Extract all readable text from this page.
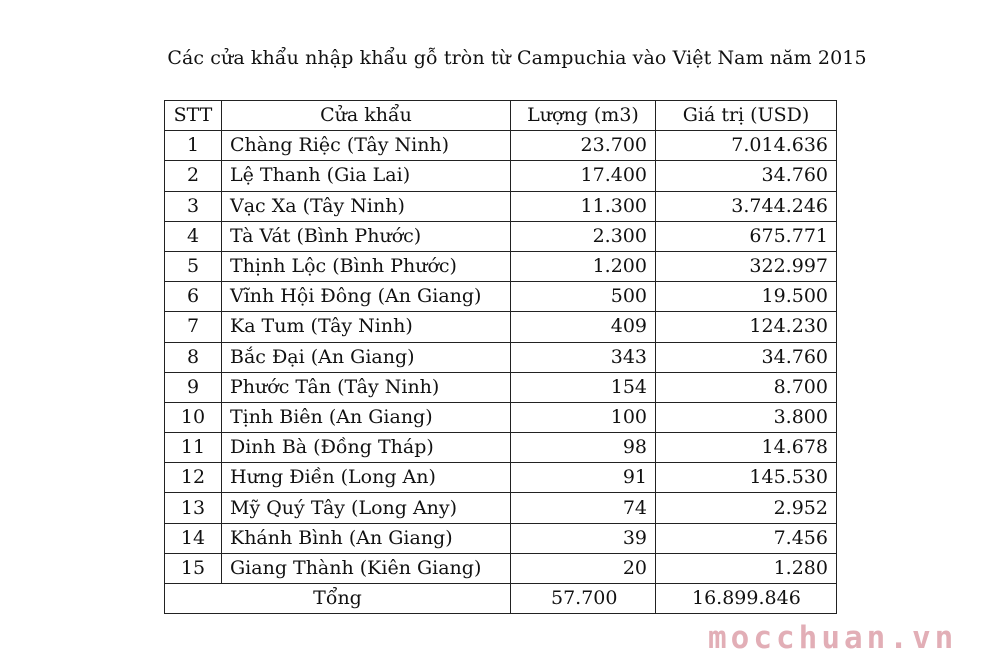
Các cửa khẩu nhập khẩu gỗ tròn từ Campuchia vào Việt Nam năm 2015
STT	Cửa khẩu	Lượng (m3)	Giá trị (USD)
1	Chàng Riệc (Tây Ninh)	23.700	7.014.636
2	Lệ Thanh (Gia Lai)	17.400	34.760
3	Vạc Xa (Tây Ninh)	11.300	3.744.246
4	Tà Vát (Bình Phước)	2.300	675.771
5	Thịnh Lộc (Bình Phước)	1.200	322.997
6	Vĩnh Hội Đông (An Giang)	500	19.500
7	Ka Tum (Tây Ninh)	409	124.230
8	Bắc Đại (An Giang)	343	34.760
9	Phước Tân (Tây Ninh)	154	8.700
10	Tịnh Biên (An Giang)	100	3.800
11	Dinh Bà (Đồng Tháp)	98	14.678
12	Hưng Điền (Long An)	91	145.530
13	Mỹ Quý Tây (Long Any)	74	2.952
14	Khánh Bình (An Giang)	39	7.456
15	Giang Thành (Kiên Giang)	20	1.280
Tổng		57.700	16.899.846
mocchuan.vn
